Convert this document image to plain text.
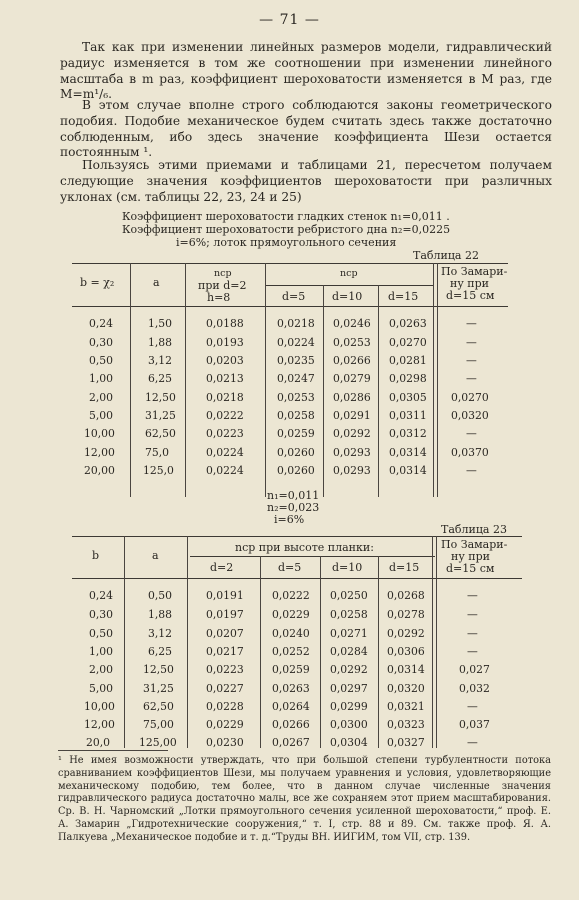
— 71 —
Так как при изменении линейных размеров модели, гидравлический радиус изменяется в том же соотношении при изменении линейного масштаба в m раз, коэффициент шероховатости изменяется в M раз, где M=m¹/₆.
В этом случае вполне строго соблюдаются законы геометрического подобия. Подобие механическое будем считать здесь также достаточно соблюденным, ибо здесь значение коэффициента Шези остается постоянным ¹.
Пользуясь этими приемами и таблицами 21, пересчетом получаем следующие значения коэффициентов шероховатости при различных уклонах (см. таблицы 22, 23, 24 и 25)
Коэффициент шероховатости гладких стенок n₁=0,011 .
Коэффициент шероховатости ребристого дна n₂=0,0225
i=6%; лоток прямоугольного сечения
Таблица 22
b = χ₂	a
nср
при d=2
h=8
nср
d=5 d=10 d=15
По Замари-
ну при
d=15 см
0,24	1,50	0,0188	0,0218 0,0246 0,0263	—
0,30	1,88	0,0193	0,0224 0,0253 0,0270	—
0,50	3,12	0,0203	0,0235 0,0266 0,0281	—
1,00	6,25	0,0213	0,0247 0,0279 0,0298	—
2,00	12,50	0,0218	0,0253 0,0286 0,0305 0,0270
5,00	31,25	0,0222	0,0258 0,0291 0,0311 0,0320
10,00	62,50	0,0223	0,0259 0,0292 0,0312	—
12,00	75,0	0,0224	0,0260 0,0293 0,0314 0,0370
20,00	125,0	0,0224	0,0260 0,0293 0,0314	—
n₁=0,011
n₂=0,023
i=6%
Таблица 23
b	a
nср при высоте планки:
d=2	d=5	d=10 d=15
По Замари-
ну при
d=15 см
0,24	0,50	0,0191	0,0222 0,0250 0,0268	—
0,30	1,88	0,0197	0,0229 0,0258 0,0278	—
0,50	3,12	0,0207	0,0240 0,0271 0,0292	—
1,00	6,25	0,0217	0,0252 0,0284 0,0306	—
2,00	12,50	0,0223	0,0259 0,0292 0,0314	0,027
5,00	31,25	0,0227	0,0263 0,0297 0,0320	0,032
10,00	62,50	0,0228	0,0264 0,0299 0,0321	—
12,00	75,00	0,0229	0,0266 0,0300 0,0323	0,037
20,0	125,00	0,0230	0,0267 0,0304 0,0327	—
¹ Не имея возможности утверждать, что при большой степени турбулентности потока сравниванием коэффициентов Шези, мы получаем уравнения и условия, удовлетворяющие механическому подобию, тем более, что в данном случае численные значения гидравлического радиуса достаточно малы, все же сохраняем этот прием масштабирования. Ср. В. Н. Чарномский „Лотки прямоугольного сечения усиленной шероховатости,“ проф. Е. А. Замарин „Гидротехнические сооружения,“ т. I, стр. 88 и 89. См. также проф. Я. А. Палкуева „Механическое подобие и т. д.“Труды ВН. ИИГИМ, том VII, стр. 139.
